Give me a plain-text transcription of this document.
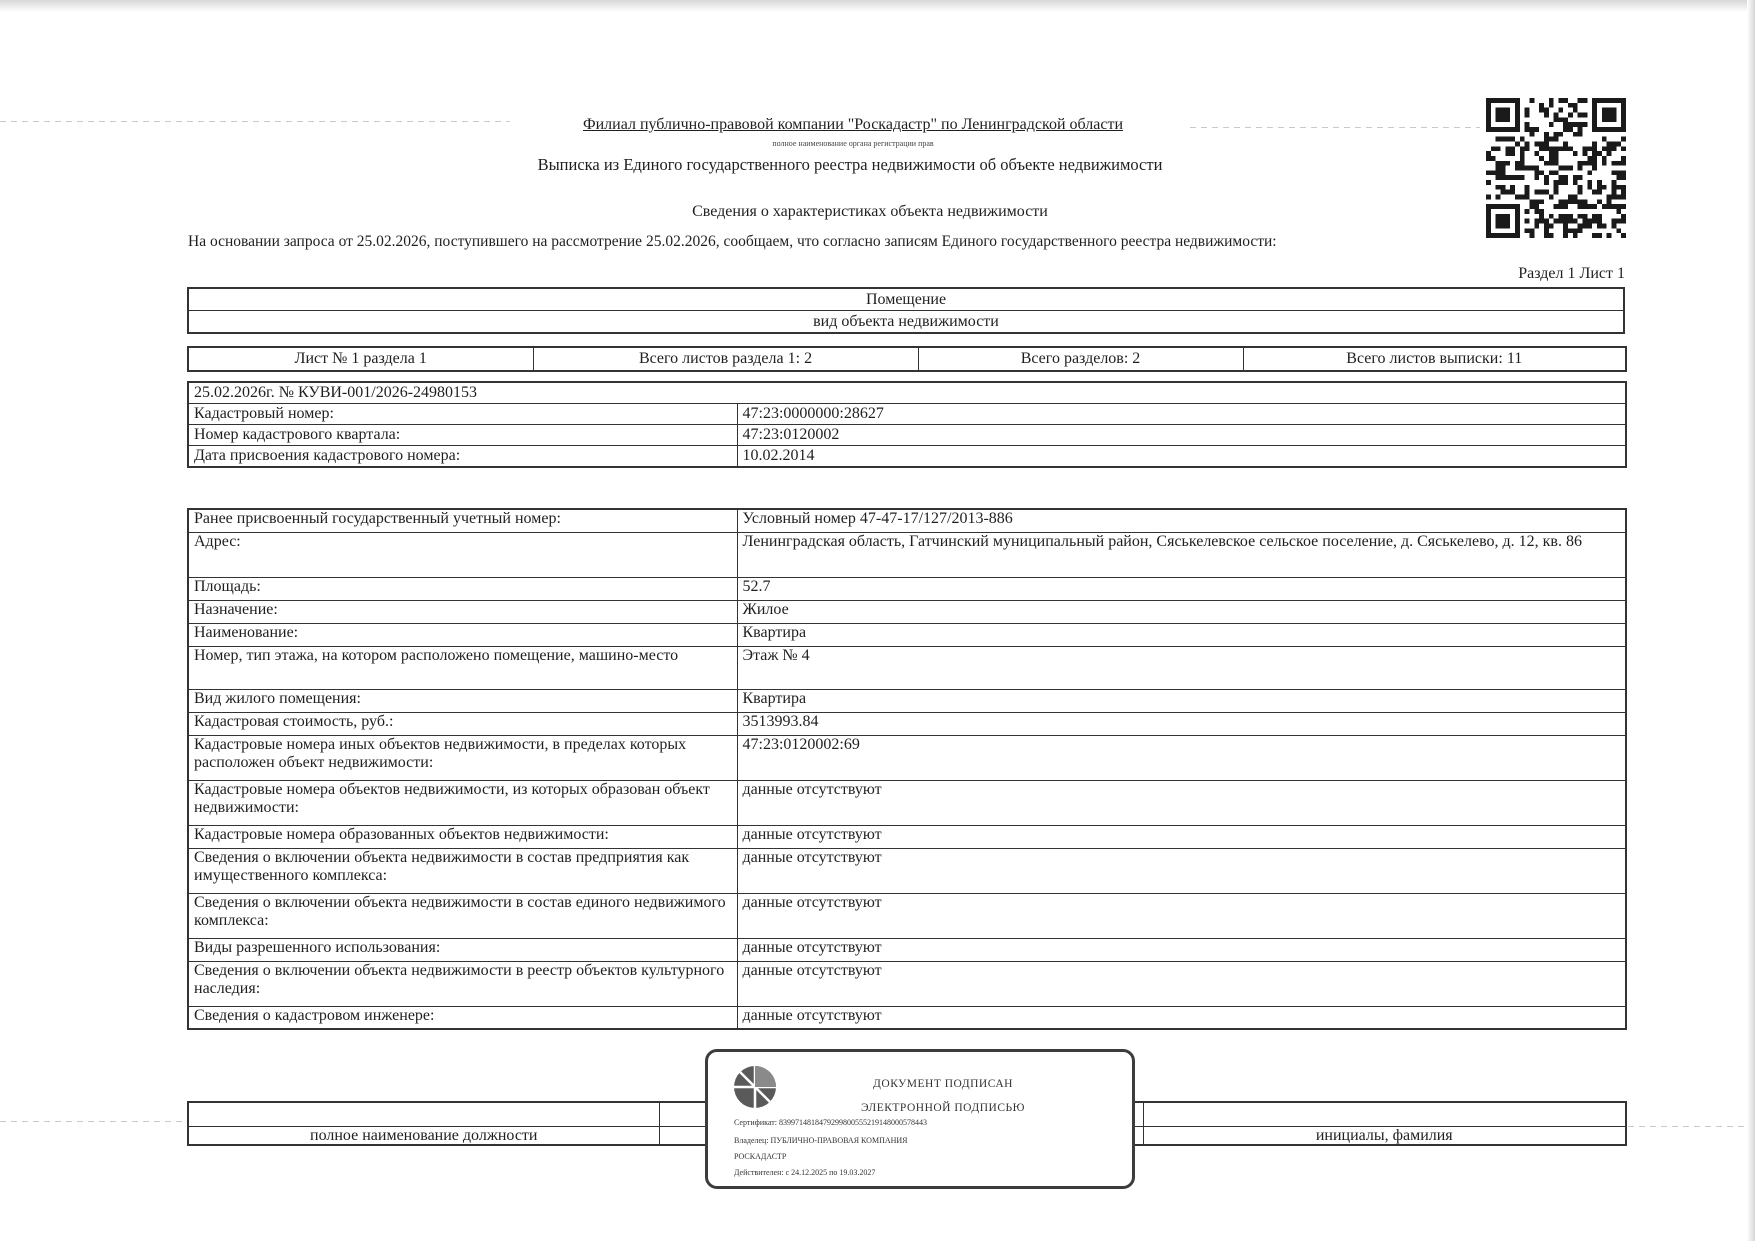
Филиал публично-правовой компании "Роскадастр" по Ленинградской области
полное наименование органа регистрации прав
Выписка из Единого государственного реестра недвижимости об объекте недвижимости
Сведения о характеристиках объекта недвижимости
На основании запроса от 25.02.2026, поступившего на рассмотрение 25.02.2026, сообщаем, что согласно записям Единого государственного реестра недвижимости:
Раздел 1 Лист 1
Помещение
вид объекта недвижимости
Лист № 1 раздела 1	Всего листов раздела 1: 2	Всего разделов: 2	Всего листов выписки: 11
25.02.2026г. № КУВИ-001/2026-24980153	
Кадастровый номер:	47:23:0000000:28627
Номер кадастрового квартала:	47:23:0120002
Дата присвоения кадастрового номера:	10.02.2014
Ранее присвоенный государственный учетный номер:	Условный номер 47-47-17/127/2013-886
Адрес:	Ленинградская область, Гатчинский муниципальный район, Сяськелевское сельское поселение, д. Сяськелево, д. 12, кв. 86
Площадь:	52.7
Назначение:	Жилое
Наименование:	Квартира
Номер, тип этажа, на котором расположено помещение, машино-место	Этаж № 4
Вид жилого помещения:	Квартира
Кадастровая стоимость, руб.:	3513993.84
Кадастровые номера иных объектов недвижимости, в пределах которых расположен объект недвижимости:	47:23:0120002:69
Кадастровые номера объектов недвижимости, из которых образован объект недвижимости:	данные отсутствуют
Кадастровые номера образованных объектов недвижимости:	данные отсутствуют
Сведения о включении объекта недвижимости в состав предприятия как имущественного комплекса:	данные отсутствуют
Сведения о включении объекта недвижимости в состав единого недвижимого комплекса:	данные отсутствуют
Виды разрешенного использования:	данные отсутствуют
Сведения о включении объекта недвижимости в реестр объектов культурного наследия:	данные отсутствуют
Сведения о кадастровом инженере:	данные отсутствуют

полное наименование должности		инициалы, фамилия
ДОКУМЕНТ ПОДПИСАН
ЭЛЕКТРОННОЙ ПОДПИСЬЮ
Сертификат: 8399714818479299800555219148000578443
Владелец: ПУБЛИЧНО-ПРАВОВАЯ КОМПАНИЯ
РОСКАДАСТР
Действителен: с 24.12.2025 по 19.03.2027
